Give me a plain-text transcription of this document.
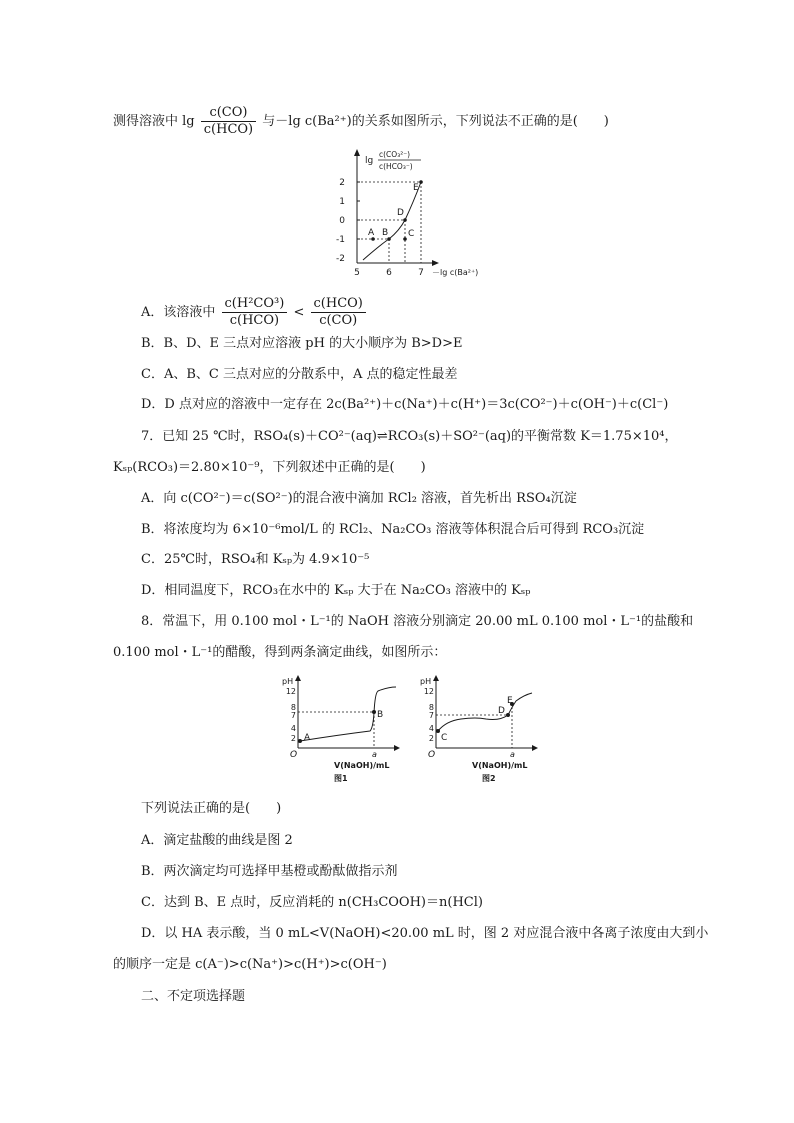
测得溶液中 $\lg \frac{c(CO)}{\text{c(HCO)}}$ 与－lg c(Ba²⁺)的关系如图所示，下列说法不正确的是(　　)
lg
c(CO₃²⁻)
c(HCO₃⁻)
2
1
0
-1
-2
5	6	7 －lg c(Ba²⁺)
A B C
D
E
A．该溶液中 $\frac{\text{c(H²CO³)}}{\text{c(HCO)}} < \frac{\text{c(HCO)}}{c(CO)}$
B．B、D、E 三点对应溶液 pH 的大小顺序为 B>D>E
C．A、B、C 三点对应的分散系中，A 点的稳定性最差
D．D 点对应的溶液中一定存在 2c(Ba²⁺)＋c(Na⁺)＋c(H⁺)＝3c(CO²⁻)＋c(OH⁻)＋c(Cl⁻)
7．已知 25 ℃时，RSO₄(s)＋CO²⁻(aq)⇌RCO₃(s)＋SO²⁻(aq)的平衡常数 K＝1.75×10⁴，
Kₛₚ(RCO₃)＝2.80×10⁻⁹，下列叙述中正确的是(　　)
A．向 c(CO²⁻)＝c(SO²⁻)的混合液中滴加 RCl₂ 溶液，首先析出 RSO₄沉淀
B．将浓度均为 6×10⁻⁶mol/L 的 RCl₂、Na₂CO₃ 溶液等体积混合后可得到 RCO₃沉淀
C．25℃时，RSO₄和 Kₛₚ为 4.9×10⁻⁵
D．相同温度下，RCO₃在水中的 Kₛₚ 大于在 Na₂CO₃ 溶液中的 Kₛₚ
8．常温下，用 0.100 mol・L⁻¹的 NaOH 溶液分别滴定 20.00 mL 0.100 mol・L⁻¹的盐酸和
0.100 mol・L⁻¹的醋酸，得到两条滴定曲线，如图所示：
pH
12
8
7
4
2
O
A
B
a
V(NaOH)/mL
图1
pH
12
8
7
4
2
O
C
D
E
a
V(NaOH)/mL
图2
下列说法正确的是(　　)
A．滴定盐酸的曲线是图 2
B．两次滴定均可选择甲基橙或酚酞做指示剂
C．达到 B、E 点时，反应消耗的 n(CH₃COOH)＝n(HCl)
D．以 HA 表示酸，当 0 mL<V(NaOH)<20.00 mL 时，图 2 对应混合液中各离子浓度由大到小
的顺序一定是 c(A⁻)>c(Na⁺)>c(H⁺)>c(OH⁻)
二、不定项选择题
